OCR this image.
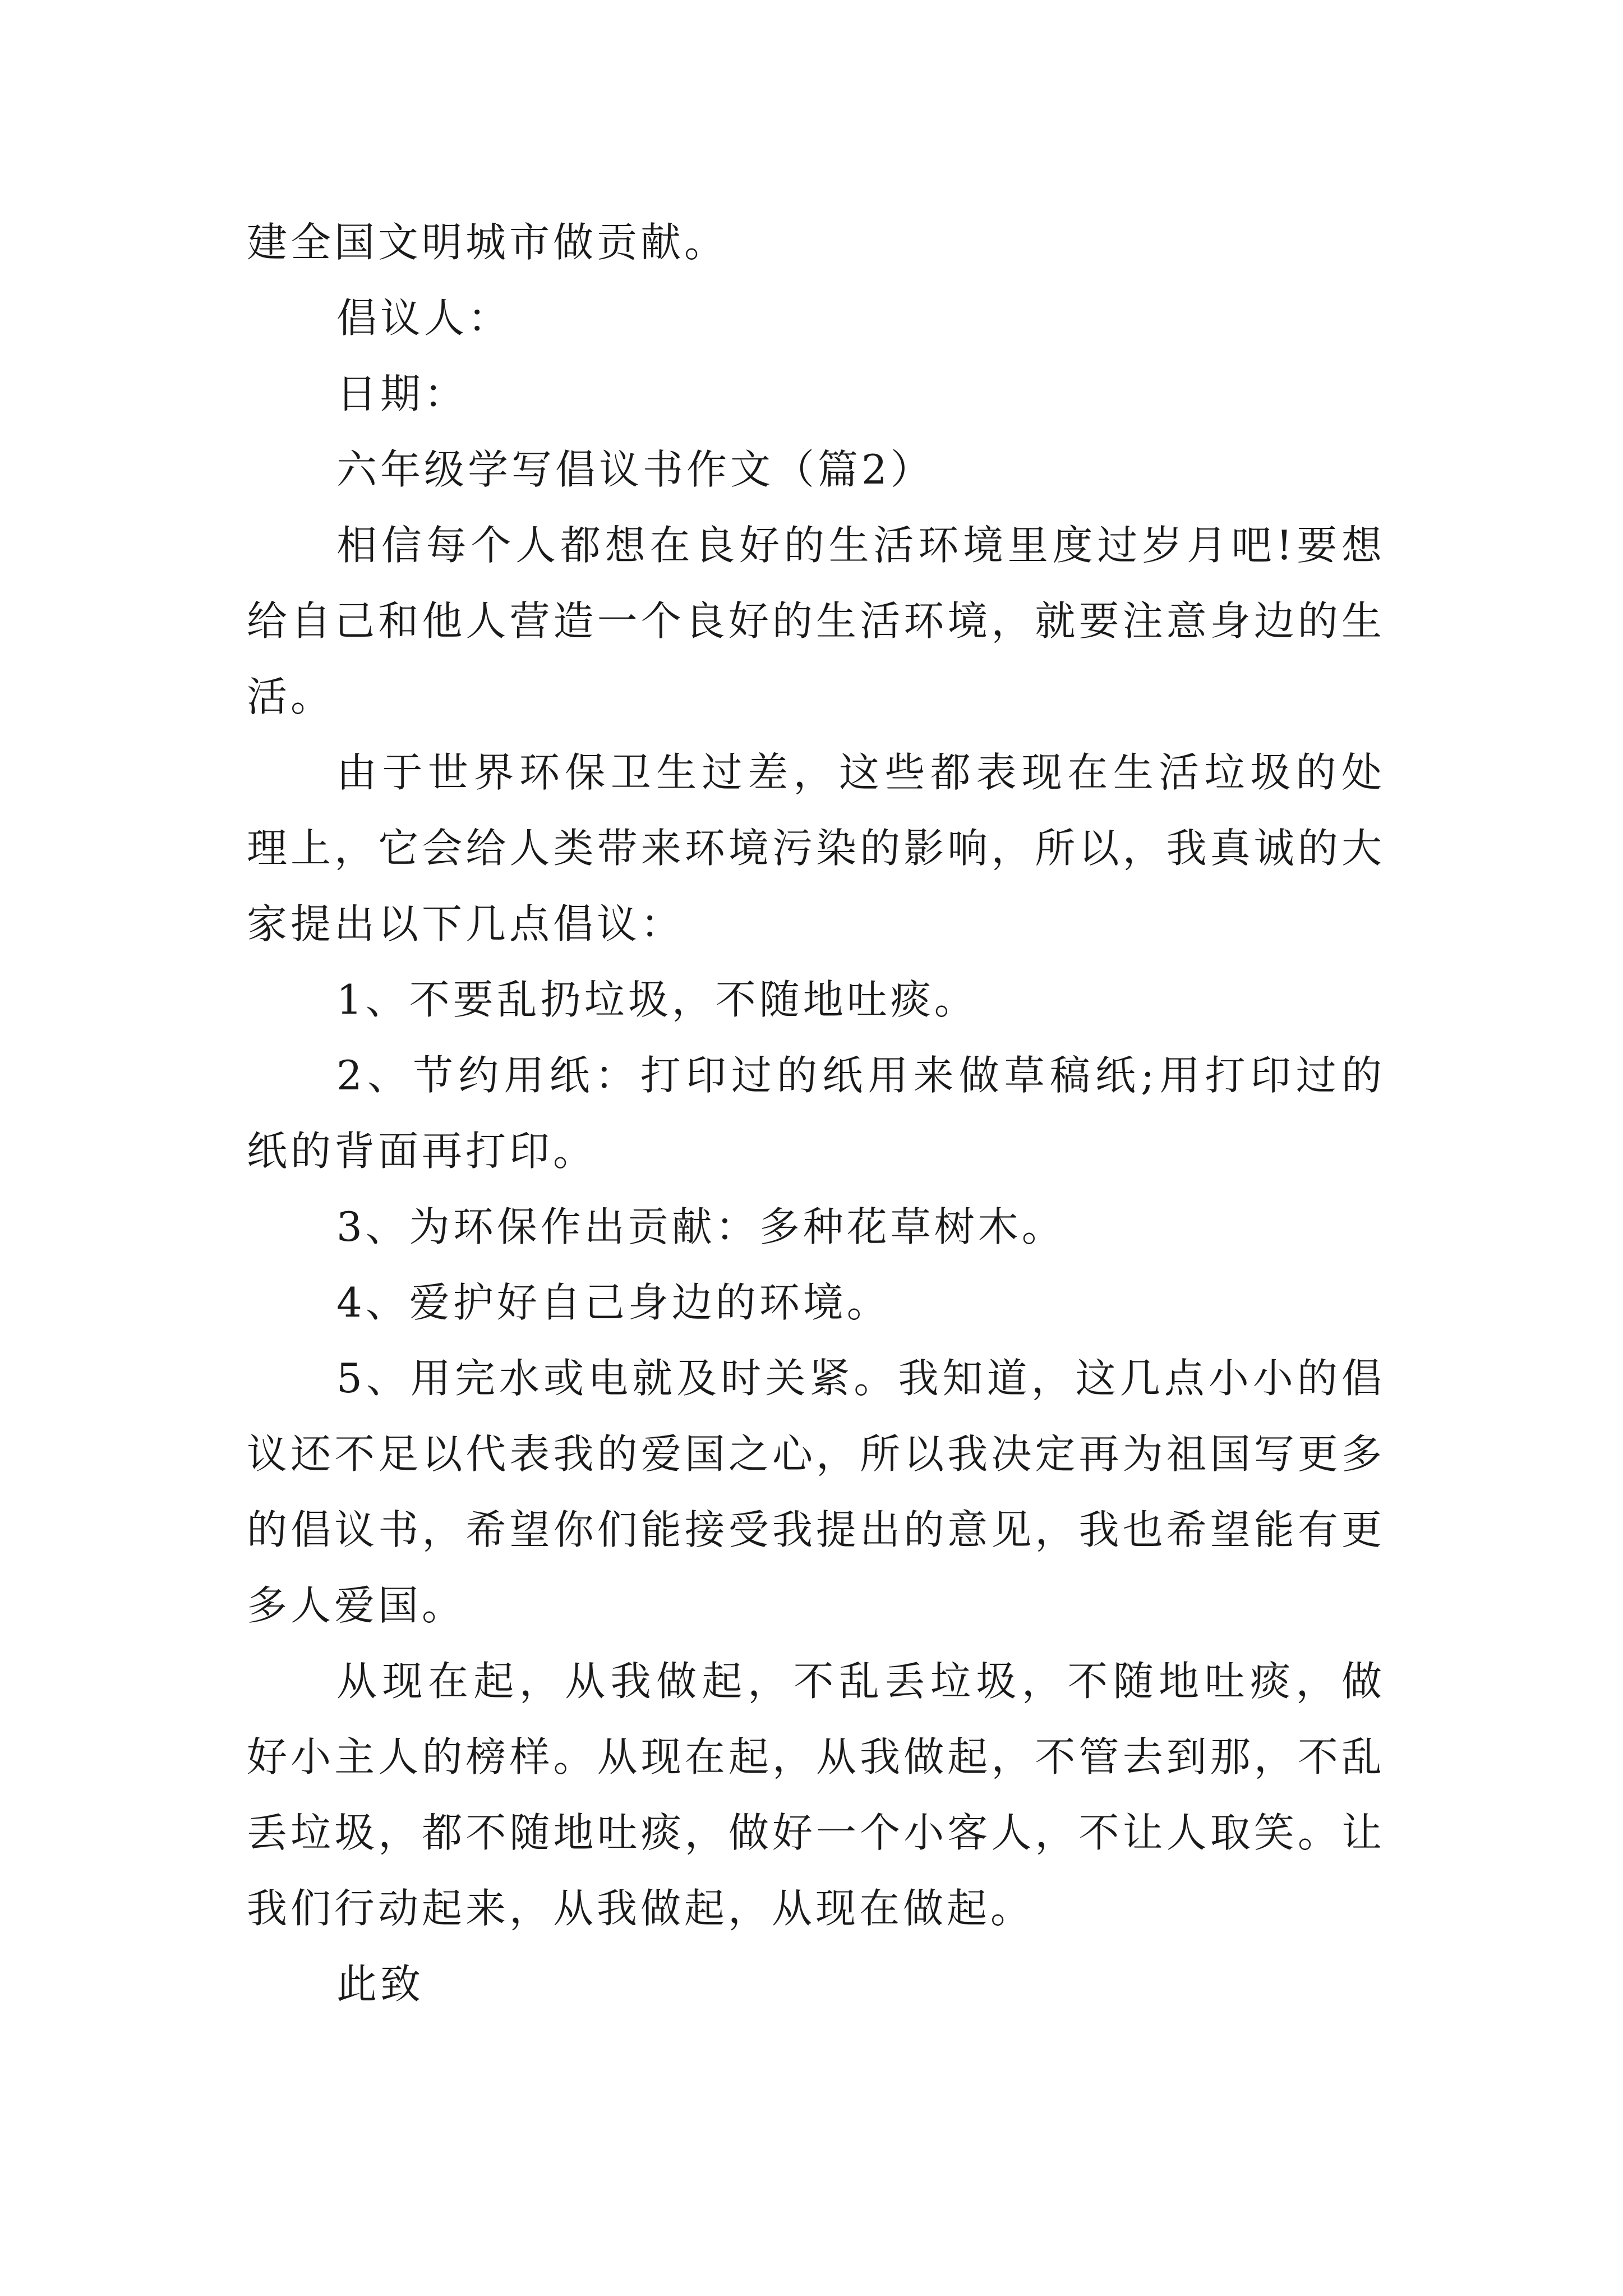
建全国文明城市做贡献。

倡议人：

日期：

六年级学写倡议书作文（篇2）

相信每个人都想在良好的生活环境里度过岁月吧!要想给自己和他人营造一个良好的生活环境，就要注意身边的生活。

由于世界环保卫生过差，这些都表现在生活垃圾的处理上，它会给人类带来环境污染的影响，所以，我真诚的大家提出以下几点倡议：

1、不要乱扔垃圾，不随地吐痰。

2、节约用纸：打印过的纸用来做草稿纸;用打印过的纸的背面再打印。

3、为环保作出贡献：多种花草树木。

4、爱护好自己身边的环境。

5、用完水或电就及时关紧。我知道，这几点小小的倡议还不足以代表我的爱国之心，所以我决定再为祖国写更多的倡议书，希望你们能接受我提出的意见，我也希望能有更多人爱国。

从现在起，从我做起，不乱丢垃圾，不随地吐痰，做好小主人的榜样。从现在起，从我做起，不管去到那，不乱丢垃圾，都不随地吐痰，做好一个小客人，不让人取笑。让我们行动起来，从我做起，从现在做起。

此致
